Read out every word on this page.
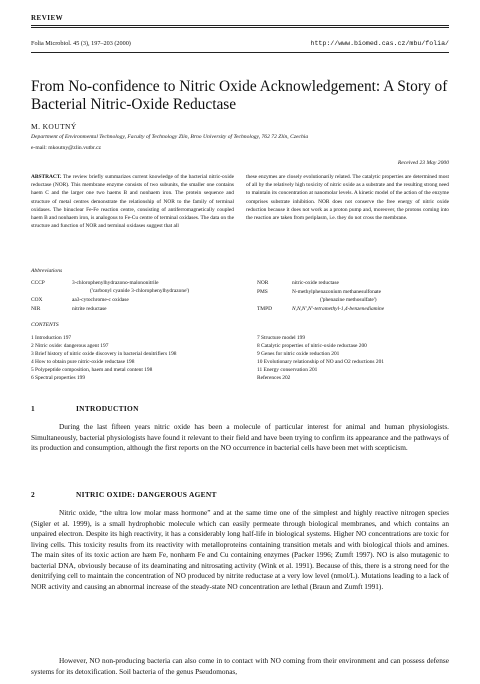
REVIEW
Folia Microbiol. 45 (3), 197–203 (2000)	http://www.biomed.cas.cz/mbu/folia/
From No-confidence to Nitric Oxide Acknowledgement: A Story of Bacterial Nitric-Oxide Reductase
M. KOUTNÝ
Department of Environmental Technology, Faculty of Technology Zlín, Brno University of Technology, 762 72 Zlín, Czechia
e-mail: mkoutny@zlin.vutbr.cz
Received 23 May 2000
ABSTRACT. The review briefly summarizes current knowledge of the bacterial nitric-oxide reductase (NOR). This membrane enzyme consists of two subunits, the smaller one contains haem C and the larger one two haems B and nonhaem iron. The protein sequence and structure of metal centres demonstrate the relationship of NOR to the family of terminal oxidases. The binuclear Fe-Fe reaction centre, consisting of antiferromagnetically coupled haem B and nonhaem iron, is analogous to Fe-Cu centre of terminal oxidases. The data on the structure and function of NOR and terminal oxidases suggest that all
these enzymes are closely evolutionarily related. The catalytic properties are determined most of all by the relatively high toxicity of nitric oxide as a substrate and the resulting strong need to maintain its concentration at nanomolar levels. A kinetic model of the action of the enzyme comprises substrate inhibition. NOR does not conserve the free energy of nitric oxide reduction because it does not work as a proton pump and, moreover, the protons coming into the reaction are taken from periplasm, i.e. they do not cross the membrane.
Abbreviations
CCCP	3-chlorophenylhydrazono-malononitrile
('carbonyl cyanide 3-chlorophenylhydrazone')
COX	aa3-cytochrome-c oxidase
NIR	nitrite reductase
NOR	nitric-oxide reductase
PMS	N-methylphenazonium methanesulfonate
('phenazine methosulfate')
TMPD	N,N,N',N'-tetramethyl-1,4-benzenediamine
CONTENTS
1 Introduction 197
2 Nitric oxide: dangerous agent 197
3 Brief history of nitric oxide discovery in bacterial denitrifiers 198
4 How to obtain pure nitric-oxide reductase 198
5 Polypeptide composition, haem and metal content 198
6 Spectral properties 199
7 Structure model 199
8 Catalytic properties of nitric-oxide reductase 200
9 Genes for nitric oxide reduction 201
10 Evolutionary relationship of NO and O2 reductions 201
11 Energy conservation 201
References 202
1	INTRODUCTION
During the last fifteen years nitric oxide has been a molecule of particular interest for animal and human physiologists. Simultaneously, bacterial physiologists have found it relevant to their field and have been trying to confirm its appearance and the pathways of its production and consumption, although the first reports on the NO occurrence in bacterial cells have been met with scepticism.
2	NITRIC OXIDE: DANGEROUS AGENT
Nitric oxide, “the ultra low molar mass hormone” and at the same time one of the simplest and highly reactive nitrogen species (Sigler et al. 1999), is a small hydrophobic molecule which can easily permeate through biological membranes, and which contains an unpaired electron. Despite its high reactivity, it has a considerably long half-life in biological systems. Higher NO concentrations are toxic for living cells. This toxicity results from its reactivity with metalloproteins containing transition metals and with biological thiols and amines. The main sites of its toxic action are hæm Fe, nonhæm Fe and Cu containing enzymes (Packer 1996; Zumft 1997). NO is also mutagenic to bacterial DNA, obviously because of its deaminating and nitrosating activity (Wink et al. 1991). Because of this, there is a strong need for the denitrifying cell to maintain the concentration of NO produced by nitrite reductase at a very low level (nmol/L). Mutations leading to a lack of NOR activity and causing an abnormal increase of the steady-state NO concentration are lethal (Braun and Zumft 1991).
However, NO non-producing bacteria can also come in to contact with NO coming from their environment and can possess defense systems for its detoxification. Soil bacteria of the genus Pseudomonas,
